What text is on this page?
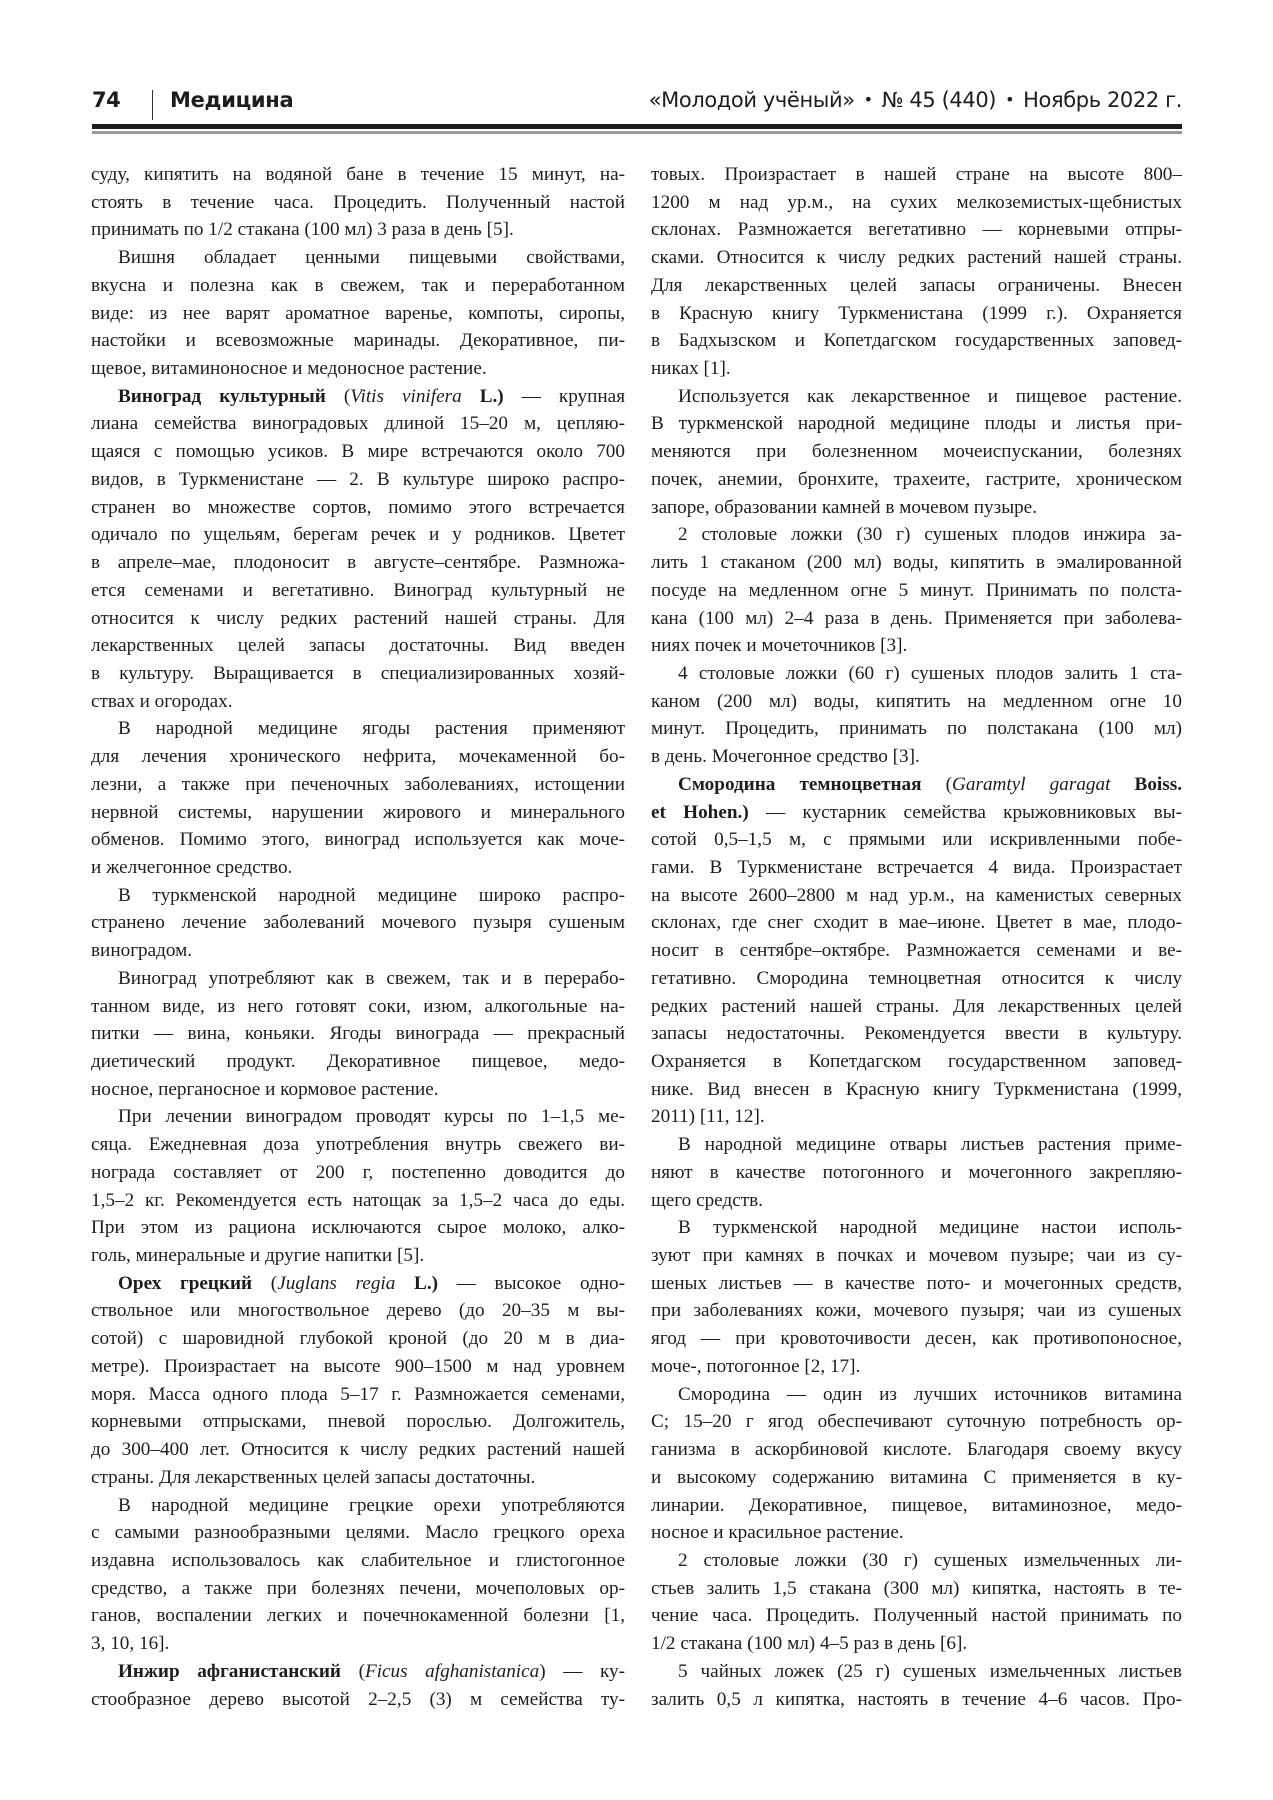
74 Медицина	«Молодой учёный» • № 45 (440) • Ноябрь 2022 г.
суду, кипятить на водяной бане в течение 15 минут, на-
стоять в течение часа. Процедить. Полученный настой
принимать по 1/2 стакана (100 мл) 3 раза в день [5].
Вишня обладает ценными пищевыми свойствами,
вкусна и полезна как в свежем, так и переработанном
виде: из нее варят ароматное варенье, компоты, сиропы,
настойки и всевозможные маринады. Декоративное, пи-
щевое, витаминоносное и медоносное растение.
Виноград культурный (Vitis vinifera L.) — крупная
лиана семейства виноградовых длиной 15–20 м, цепляю-
щаяся с помощью усиков. В мире встречаются около 700
видов, в Туркменистане — 2. В культуре широко распро-
странен во множестве сортов, помимо этого встречается
одичало по ущельям, берегам речек и у родников. Цветет
в апреле–мае, плодоносит в августе–сентябре. Размножа-
ется семенами и вегетативно. Виноград культурный не
относится к числу редких растений нашей страны. Для
лекарственных целей запасы достаточны. Вид введен
в культуру. Выращивается в специализированных хозяй-
ствах и огородах.
В народной медицине ягоды растения применяют
для лечения хронического нефрита, мочекаменной бо-
лезни, а также при печеночных заболеваниях, истощении
нервной системы, нарушении жирового и минерального
обменов. Помимо этого, виноград используется как моче-
и желчегонное средство.
В туркменской народной медицине широко распро-
странено лечение заболеваний мочевого пузыря сушеным
виноградом.
Виноград употребляют как в свежем, так и в перерабо-
танном виде, из него готовят соки, изюм, алкогольные на-
питки — вина, коньяки. Ягоды винограда — прекрасный
диетический продукт. Декоративное пищевое, медо-
носное, перганосное и кормовое растение.
При лечении виноградом проводят курсы по 1–1,5 ме-
сяца. Ежедневная доза употребления внутрь свежего ви-
нограда составляет от 200 г, постепенно доводится до
1,5–2 кг. Рекомендуется есть натощак за 1,5–2 часа до еды.
При этом из рациона исключаются сырое молоко, алко-
голь, минеральные и другие напитки [5].
Орех грецкий (Juglans regia L.) — высокое одно-
ствольное или многоствольное дерево (до 20–35 м вы-
сотой) с шаровидной глубокой кроной (до 20 м в диа-
метре). Произрастает на высоте 900–1500 м над уровнем
моря. Масса одного плода 5–17 г. Размножается семенами,
корневыми отпрысками, пневой порослью. Долгожитель,
до 300–400 лет. Относится к числу редких растений нашей
страны. Для лекарственных целей запасы достаточны.
В народной медицине грецкие орехи употребляются
с самыми разнообразными целями. Масло грецкого ореха
издавна использовалось как слабительное и глистогонное
средство, а также при болезнях печени, мочеполовых ор-
ганов, воспалении легких и почечнокаменной болезни [1,
3, 10, 16].
Инжир афганистанский (Ficus afghanistanica) — ку-
стообразное дерево высотой 2–2,5 (3) м семейства ту-
товых. Произрастает в нашей стране на высоте 800–
1200 м над ур.м., на сухих мелкоземистых-щебнистых
склонах. Размножается вегетативно — корневыми отпры-
сками. Относится к числу редких растений нашей страны.
Для лекарственных целей запасы ограничены. Внесен
в Красную книгу Туркменистана (1999 г.). Охраняется
в Бадхызском и Копетдагском государственных заповед-
никах [1].
Используется как лекарственное и пищевое растение.
В туркменской народной медицине плоды и листья при-
меняются при болезненном мочеиспускании, болезнях
почек, анемии, бронхите, трахеите, гастрите, хроническом
запоре, образовании камней в мочевом пузыре.
2 столовые ложки (30 г) сушеных плодов инжира за-
лить 1 стаканом (200 мл) воды, кипятить в эмалированной
посуде на медленном огне 5 минут. Принимать по полста-
кана (100 мл) 2–4 раза в день. Применяется при заболева-
ниях почек и мочеточников [3].
4 столовые ложки (60 г) сушеных плодов залить 1 ста-
каном (200 мл) воды, кипятить на медленном огне 10
минут. Процедить, принимать по полстакана (100 мл)
в день. Мочегонное средство [3].
Смородина темноцветная (Garamtyl garagat Boiss.
et Hohen.) — кустарник семейства крыжовниковых вы-
сотой 0,5–1,5 м, с прямыми или искривленными побе-
гами. В Туркменистане встречается 4 вида. Произрастает
на высоте 2600–2800 м над ур.м., на каменистых северных
склонах, где снег сходит в мае–июне. Цветет в мае, плодо-
носит в сентябре–октябре. Размножается семенами и ве-
гетативно. Смородина темноцветная относится к числу
редких растений нашей страны. Для лекарственных целей
запасы недостаточны. Рекомендуется ввести в культуру.
Охраняется в Копетдагском государственном заповед-
нике. Вид внесен в Красную книгу Туркменистана (1999,
2011) [11, 12].
В народной медицине отвары листьев растения приме-
няют в качестве потогонного и мочегонного закрепляю-
щего средств.
В туркменской народной медицине настои исполь-
зуют при камнях в почках и мочевом пузыре; чаи из су-
шеных листьев — в качестве пото- и мочегонных средств,
при заболеваниях кожи, мочевого пузыря; чаи из сушеных
ягод — при кровоточивости десен, как противопоносное,
моче-, потогонное [2, 17].
Смородина — один из лучших источников витамина
С; 15–20 г ягод обеспечивают суточную потребность ор-
ганизма в аскорбиновой кислоте. Благодаря своему вкусу
и высокому содержанию витамина С применяется в ку-
линарии. Декоративное, пищевое, витаминозное, медо-
носное и красильное растение.
2 столовые ложки (30 г) сушеных измельченных ли-
стьев залить 1,5 стакана (300 мл) кипятка, настоять в те-
чение часа. Процедить. Полученный настой принимать по
1/2 стакана (100 мл) 4–5 раз в день [6].
5 чайных ложек (25 г) сушеных измельченных листьев
залить 0,5 л кипятка, настоять в течение 4–6 часов. Про-
